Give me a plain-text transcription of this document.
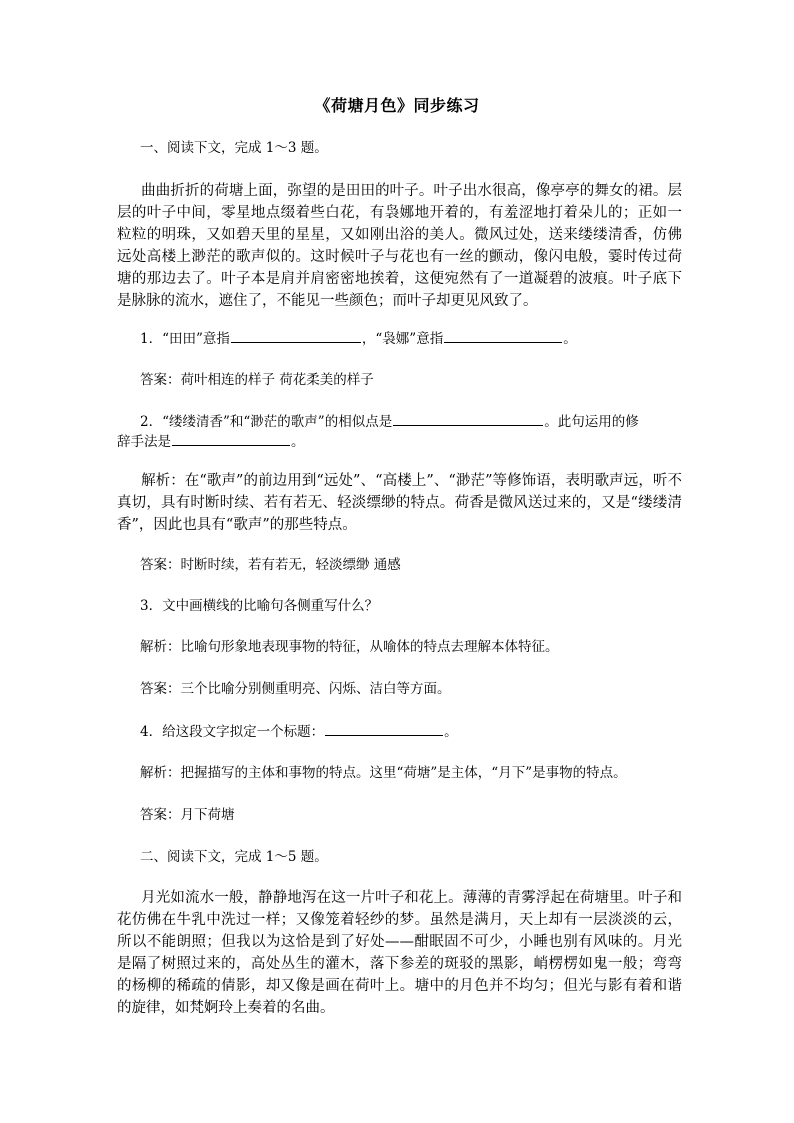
《荷塘月色》同步练习
一、阅读下文，完成 1～3 题。
曲曲折折的荷塘上面，弥望的是田田的叶子。叶子出水很高，像亭亭的舞女的裙。层层的叶子中间，零星地点缀着些白花，有袅娜地开着的，有羞涩地打着朵儿的；正如一粒粒的明珠，又如碧天里的星星，又如刚出浴的美人。微风过处，送来缕缕清香，仿佛远处高楼上渺茫的歌声似的。这时候叶子与花也有一丝的颤动，像闪电般，霎时传过荷塘的那边去了。叶子本是肩并肩密密地挨着，这便宛然有了一道凝碧的波痕。叶子底下是脉脉的流水，遮住了，不能见一些颜色；而叶子却更见风致了。
1．“田田”意指	，“袅娜”意指	。
答案：荷叶相连的样子 荷花柔美的样子
2．“缕缕清香”和“渺茫的歌声”的相似点是	。此句运用的修
辞手法是	。
解析：在“歌声”的前边用到“远处”、“高楼上”、“渺茫”等修饰语，表明歌声远，听不真切，具有时断时续、若有若无、轻淡缥缈的特点。荷香是微风送过来的，又是“缕缕清香”，因此也具有“歌声”的那些特点。
答案：时断时续，若有若无，轻淡缥缈 通感
3．文中画横线的比喻句各侧重写什么？
解析：比喻句形象地表现事物的特征，从喻体的特点去理解本体特征。
答案：三个比喻分别侧重明亮、闪烁、洁白等方面。
4．给这段文字拟定一个标题：	。
解析：把握描写的主体和事物的特点。这里“荷塘”是主体，“月下”是事物的特点。
答案：月下荷塘
二、阅读下文，完成 1～5 题。
月光如流水一般，静静地泻在这一片叶子和花上。薄薄的青雾浮起在荷塘里。叶子和花仿佛在牛乳中洗过一样；又像笼着轻纱的梦。虽然是满月，天上却有一层淡淡的云，所以不能朗照；但我以为这恰是到了好处——酣眠固不可少，小睡也别有风味的。月光是隔了树照过来的，高处丛生的灌木，落下参差的斑驳的黑影，峭楞楞如鬼一般；弯弯的杨柳的稀疏的倩影，却又像是画在荷叶上。塘中的月色并不均匀；但光与影有着和谐的旋律，如梵婀玲上奏着的名曲。
